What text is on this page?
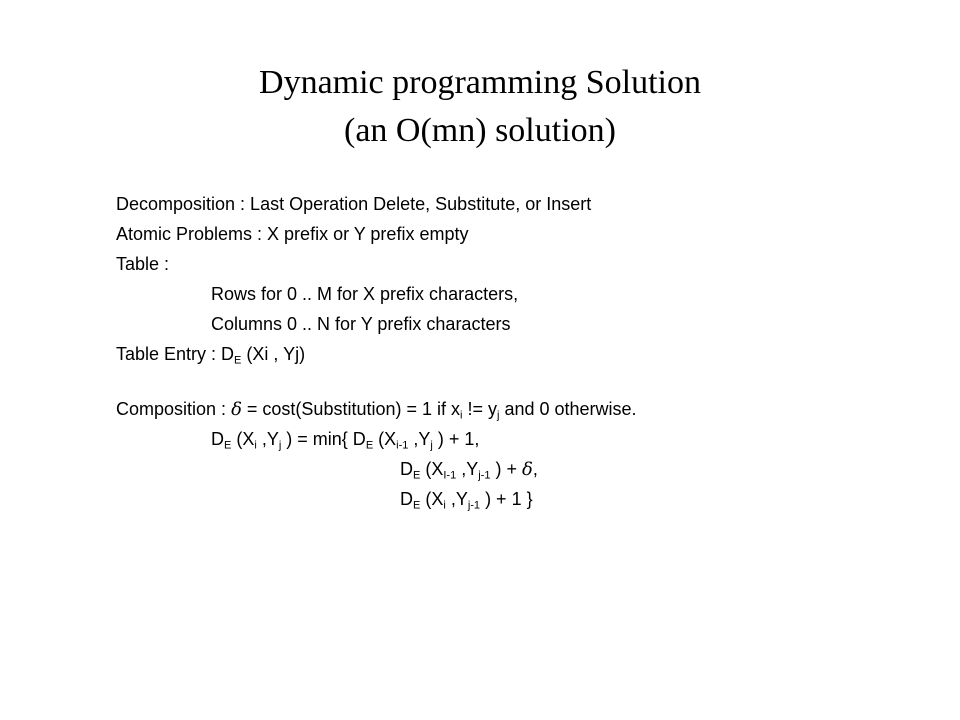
Dynamic programming Solution
(an O(mn) solution)
Decomposition : Last Operation Delete, Substitute, or Insert
Atomic Problems : X prefix or Y prefix empty
Table :
Rows for 0 .. M for X prefix characters,
Columns 0 .. N for Y prefix characters
Table Entry : $D_E$ (Xi , Yj)
Composition : δ = cost(Substitution) = 1 if $x_i$ != $y_j$ and 0 otherwise.
$D_E$ ($X_i$ $,Y_j$ ) = min{ $D_E$ ($X_{i-1}$ $,Y_j$ ) + 1,
$D_E$ ($X_{I-1}$ $,Y_{j-1}$ ) + δ,
$D_E$ ($X_i$ $,Y_{j-1}$ ) + 1 }
